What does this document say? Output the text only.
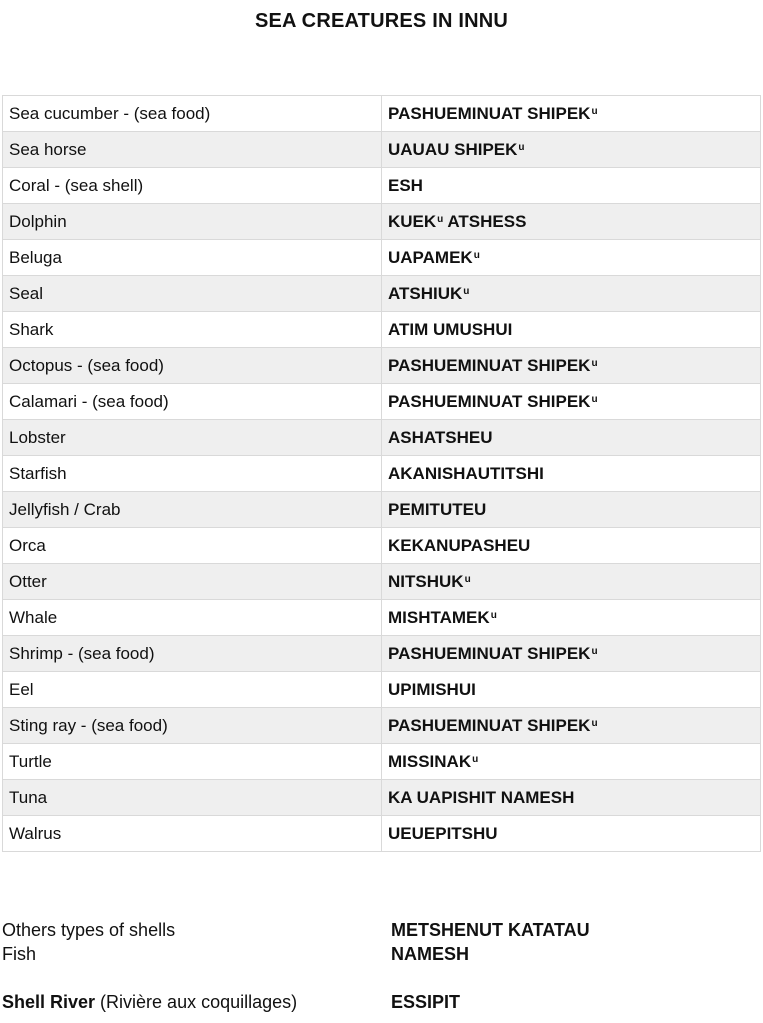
SEA CREATURES IN INNU
Sea cucumber - (sea food)	PASHUEMINUAT SHIPEK$^u$
Sea horse	UAUAU SHIPEK$^u$
Coral - (sea shell)	ESH
Dolphin	KUEK$^u$ ATSHESS
Beluga	UAPAMEK$^u$
Seal	ATSHIUK$^u$
Shark	ATIM UMUSHUI
Octopus - (sea food)	PASHUEMINUAT SHIPEK$^u$
Calamari - (sea food)	PASHUEMINUAT SHIPEK$^u$
Lobster	ASHATSHEU
Starfish	AKANISHAUTITSHI
Jellyfish / Crab	PEMITUTEU
Orca	KEKANUPASHEU
Otter	NITSHUK$^u$
Whale	MISHTAMEK$^u$
Shrimp - (sea food)	PASHUEMINUAT SHIPEK$^u$
Eel	UPIMISHUI
Sting ray - (sea food)	PASHUEMINUAT SHIPEK$^u$
Turtle	MISSINAK$^u$
Tuna	KA UAPISHIT NAMESH
Walrus	UEUEPITSHU
Others types of shells	METSHENUT KATATAU
Fish	NAMESH
Shell River (Rivière aux coquillages)	ESSIPIT
